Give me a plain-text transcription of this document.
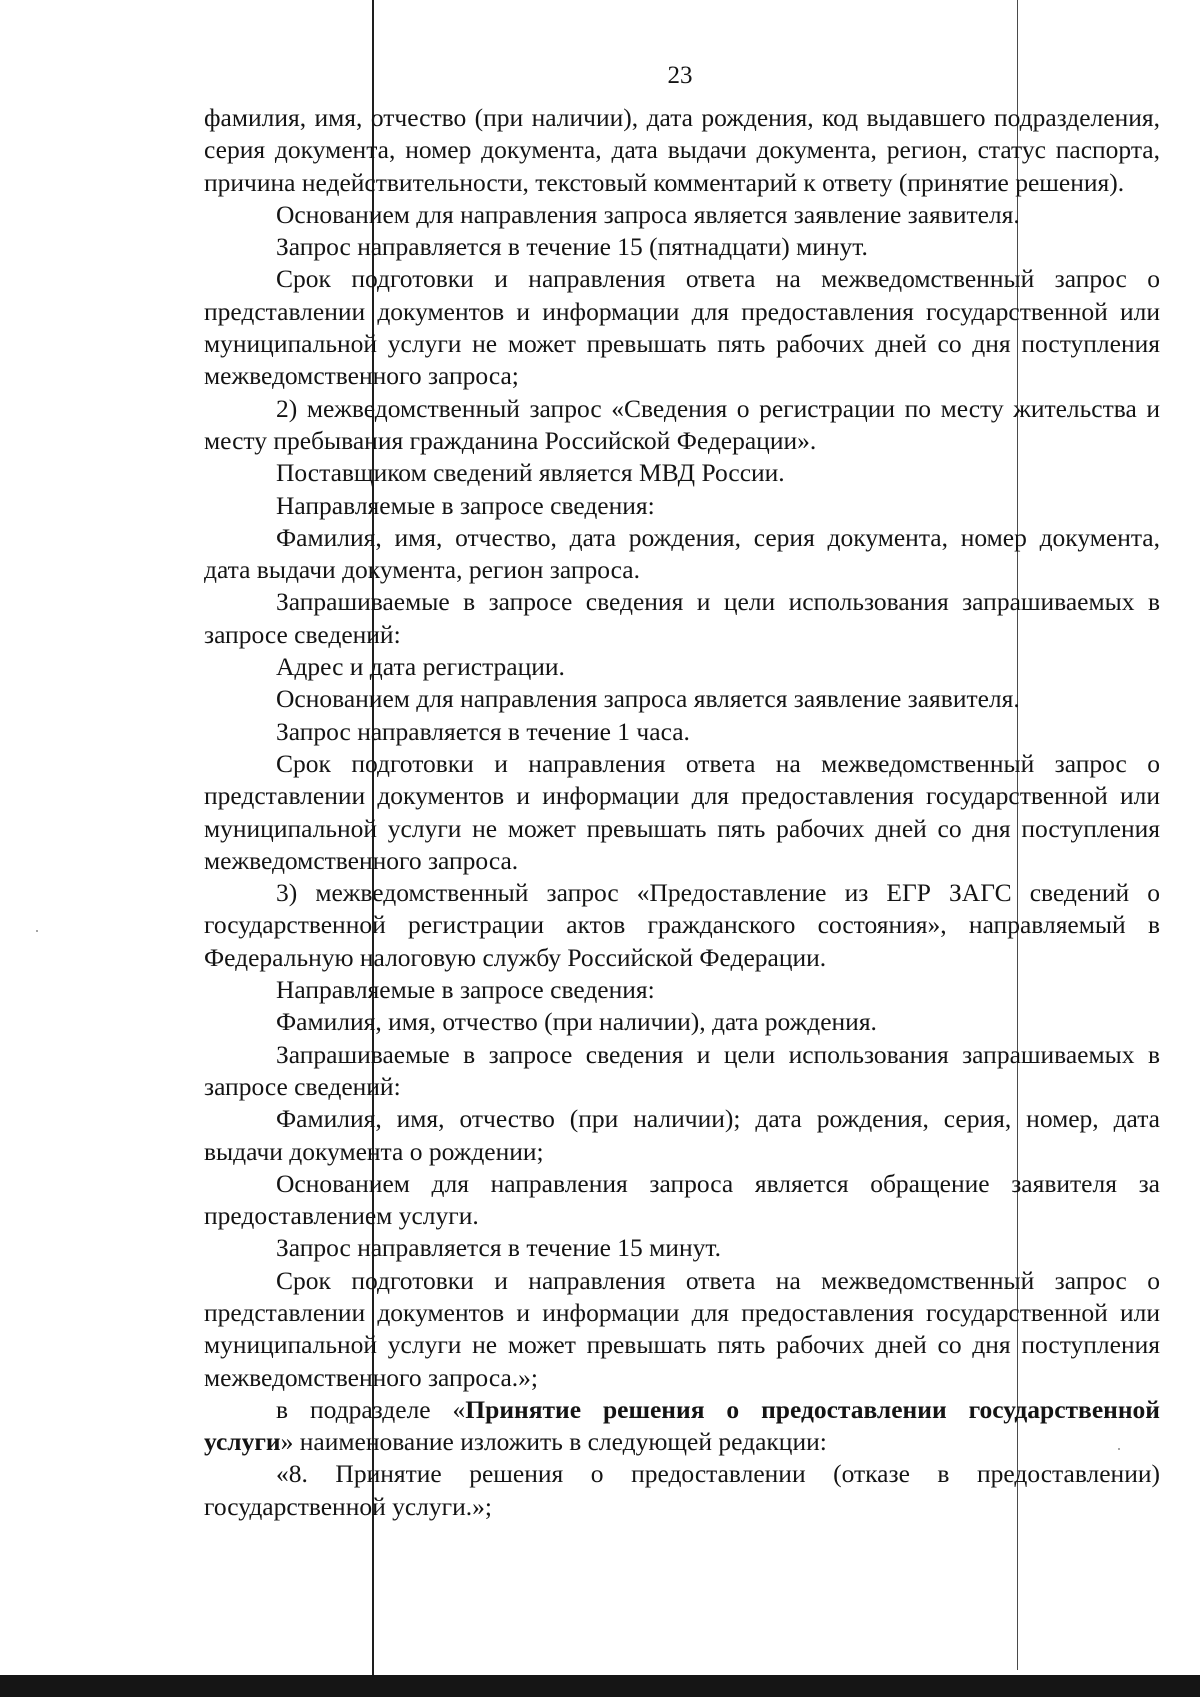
23

фамилия, имя, отчество (при наличии), дата рождения, код выдавшего подразделения, серия документа, номер документа, дата выдачи документа, регион, статус паспорта, причина недействительности, текстовый комментарий к ответу (принятие решения).

Основанием для направления запроса является заявление заявителя.

Запрос направляется в течение 15 (пятнадцати) минут.

Срок подготовки и направления ответа на межведомственный запрос о представлении документов и информации для предоставления государственной или муниципальной услуги не может превышать пять рабочих дней со дня поступления межведомственного запроса;

2) межведомственный запрос «Сведения о регистрации по месту жительства и месту пребывания гражданина Российской Федерации».

Поставщиком сведений является МВД России.

Направляемые в запросе сведения:

Фамилия, имя, отчество, дата рождения, серия документа, номер документа, дата выдачи документа, регион запроса.

Запрашиваемые в запросе сведения и цели использования запрашиваемых в запросе сведений:

Адрес и дата регистрации.

Основанием для направления запроса является заявление заявителя.

Запрос направляется в течение 1 часа.

Срок подготовки и направления ответа на межведомственный запрос о представлении документов и информации для предоставления государственной или муниципальной услуги не может превышать пять рабочих дней со дня поступления межведомственного запроса.

3) межведомственный запрос «Предоставление из ЕГР ЗАГС сведений о государственной регистрации актов гражданского состояния», направляемый в Федеральную налоговую службу Российской Федерации.

Направляемые в запросе сведения:

Фамилия, имя, отчество (при наличии), дата рождения.

Запрашиваемые в запросе сведения и цели использования запрашиваемых в запросе сведений:

Фамилия, имя, отчество (при наличии); дата рождения, серия, номер, дата выдачи документа о рождении;

Основанием для направления запроса является обращение заявителя за предоставлением услуги.

Запрос направляется в течение 15 минут.

Срок подготовки и направления ответа на межведомственный запрос о представлении документов и информации для предоставления государственной или муниципальной услуги не может превышать пять рабочих дней со дня поступления межведомственного запроса.»;

в подразделе «Принятие решения о предоставлении государственной услуги» наименование изложить в следующей редакции:

«8. Принятие решения о предоставлении (отказе в предоставлении) государственной услуги.»;
